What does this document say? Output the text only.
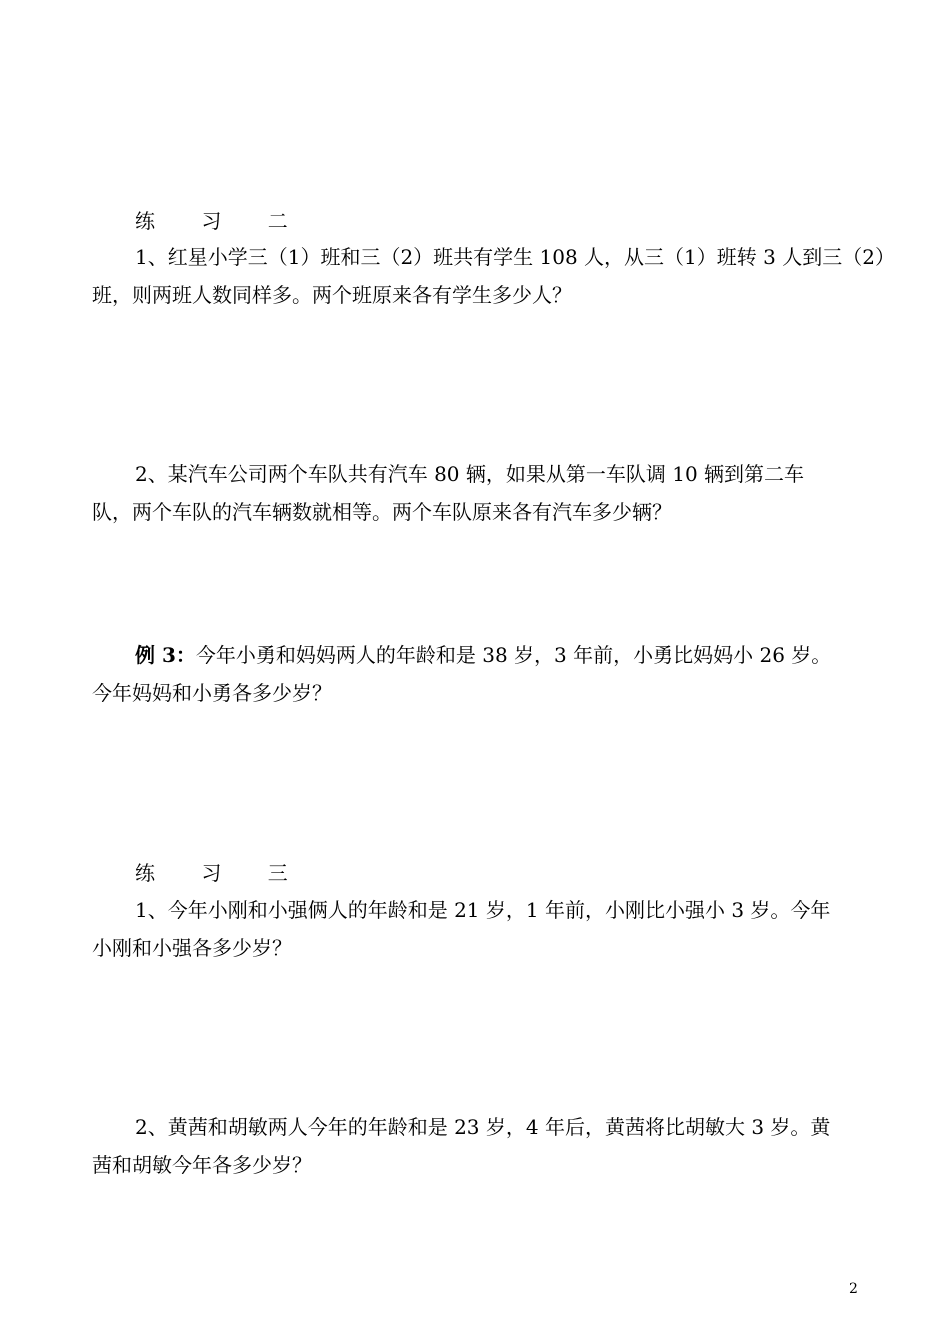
练 习 二
1、红星小学三（1）班和三（2）班共有学生 108 人，从三（1）班转 3 人到三（2）
班，则两班人数同样多。两个班原来各有学生多少人？
2、某汽车公司两个车队共有汽车 80 辆，如果从第一车队调 10 辆到第二车
队，两个车队的汽车辆数就相等。两个车队原来各有汽车多少辆？
例 3：今年小勇和妈妈两人的年龄和是 38 岁，3 年前，小勇比妈妈小 26 岁。
今年妈妈和小勇各多少岁？
练 习 三
1、今年小刚和小强俩人的年龄和是 21 岁，1 年前，小刚比小强小 3 岁。今年
小刚和小强各多少岁？
2、黄茜和胡敏两人今年的年龄和是 23 岁，4 年后，黄茜将比胡敏大 3 岁。黄
茜和胡敏今年各多少岁？
2
